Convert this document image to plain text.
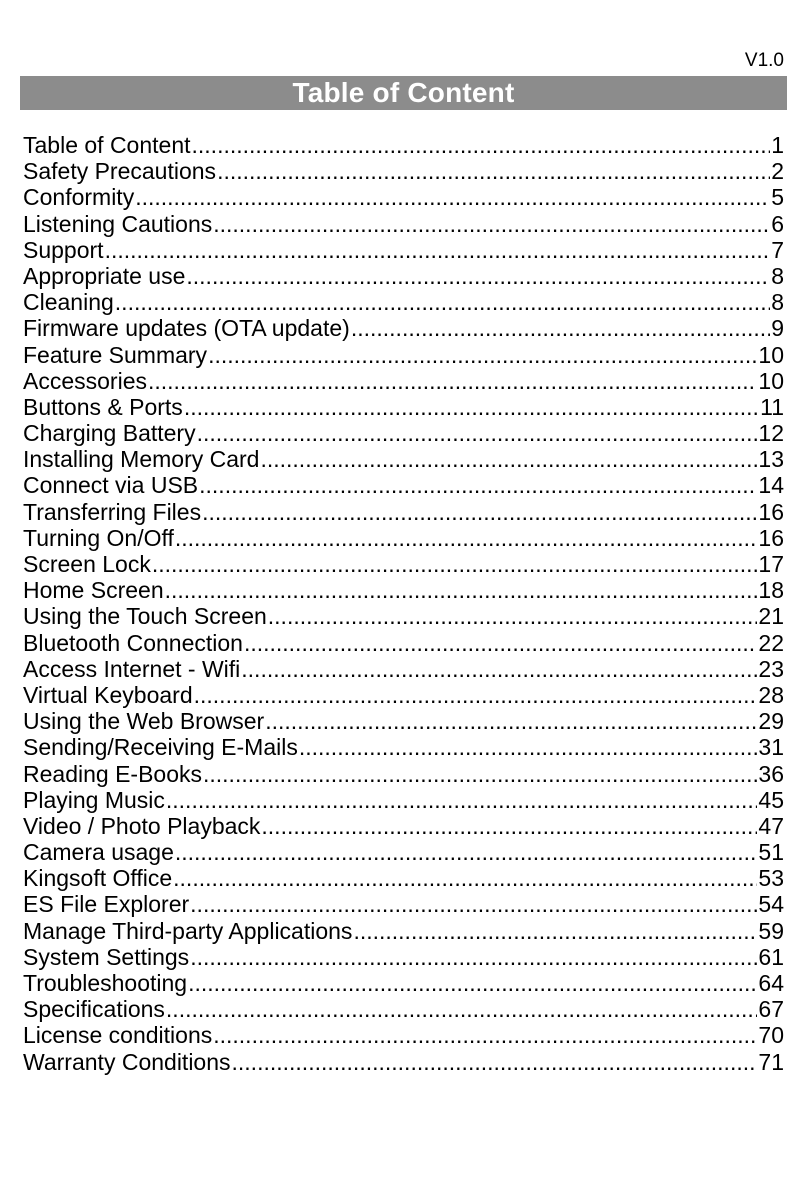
V1.0
Table of Content
Table of Content .....	1
Safety Precautions .....	2
Conformity .....	5
Listening Cautions .....	6
Support .....	7
Appropriate use .....	8
Cleaning .....	8
Firmware updates (OTA update) .....	9
Feature Summary .....	10
Accessories .....	10
Buttons & Ports .....	11
Charging Battery .....	12
Installing Memory Card .....	13
Connect via USB .....	14
Transferring Files .....	16
Turning On/Off .....	16
Screen Lock .....	17
Home Screen .....	18
Using the Touch Screen .....	21
Bluetooth Connection .....	22
Access Internet - Wifi .....	23
Virtual Keyboard .....	28
Using the Web Browser .....	29
Sending/Receiving E-Mails .....	31
Reading E-Books .....	36
Playing Music .....	45
Video / Photo Playback .....	47
Camera usage .....	51
Kingsoft Office .....	53
ES File Explorer .....	54
Manage Third-party Applications .....	59
System Settings .....	61
Troubleshooting .....	64
Specifications .....	67
License conditions .....	70
Warranty Conditions .....	71
